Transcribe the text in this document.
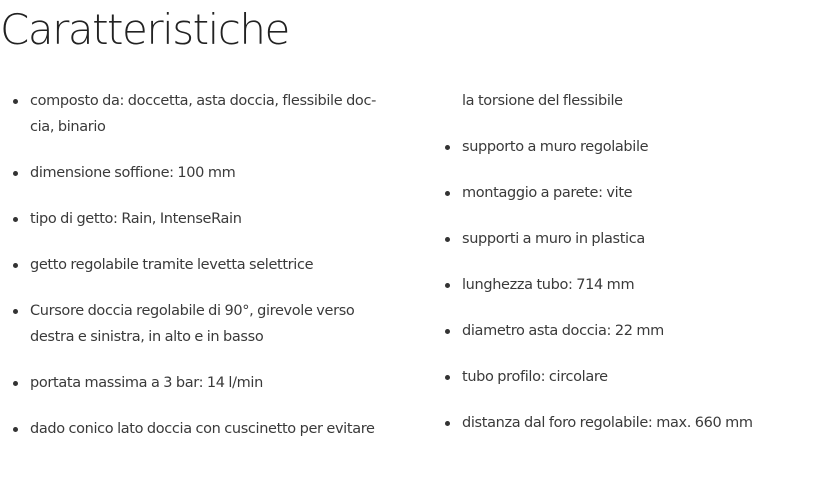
Caratteristiche
composto da: doccetta, asta doccia, flessibile doc-
cia, binario
dimensione soffione: 100 mm
tipo di getto: Rain, IntenseRain
getto regolabile tramite levetta selettrice
Cursore doccia regolabile di 90°, girevole verso
destra e sinistra, in alto e in basso
portata massima a 3 bar: 14 l/min
dado conico lato doccia con cuscinetto per evitare
la torsione del flessibile
supporto a muro regolabile
montaggio a parete: vite
supporti a muro in plastica
lunghezza tubo: 714 mm
diametro asta doccia: 22 mm
tubo profilo: circolare
distanza dal foro regolabile: max. 660 mm
